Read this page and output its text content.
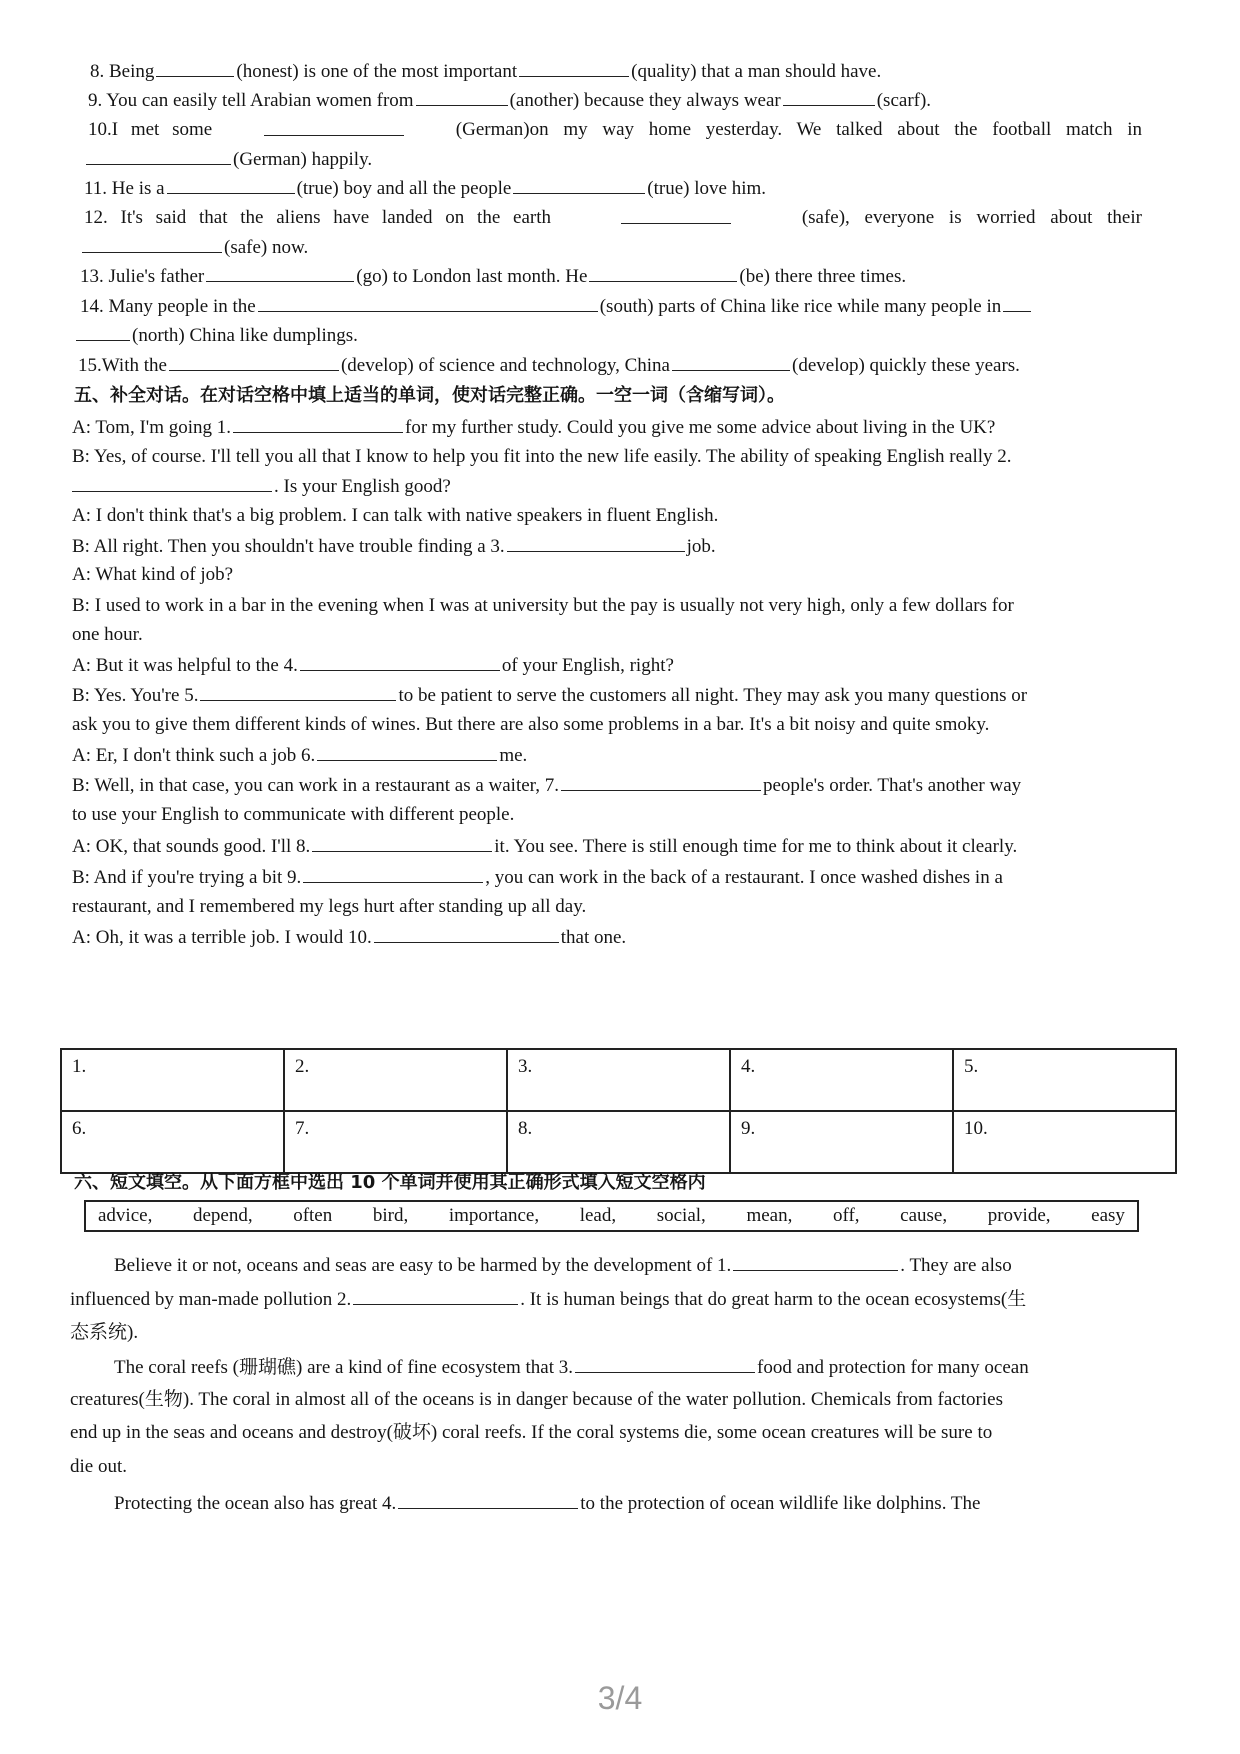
8. Being	(honest) is one of the most important	(quality) that a man should have.
9. You can easily tell Arabian women from	(another) because they always wear	(scarf).
10.I met some	(German)on my way home yesterday. We talked about the football match in
(German) happily.
11. He is a	(true) boy and all the people	(true) love him.
12. It's said that the aliens have landed on the earth	(safe), everyone is worried about their
(safe) now.
13. Julie's father	(go) to London last month. He	(be) there three times.
14. Many people in the	(south) parts of China like rice while many people in
(north) China like dumplings.
15.With the	(develop) of science and technology, China	(develop) quickly these years.
五、补全对话。在对话空格中填上适当的单词，使对话完整正确。一空一词（含缩写词）。
A: Tom, I'm going 1.	for my further study. Could you give me some advice about living in the UK?
B: Yes, of course. I'll tell you all that I know to help you fit into the new life easily. The ability of speaking English really 2.
. Is your English good?
A: I don't think that's a big problem. I can talk with native speakers in fluent English.
B: All right. Then you shouldn't have trouble finding a 3.	job.
A: What kind of job?
B: I used to work in a bar in the evening when I was at university but the pay is usually not very high, only a few dollars for
one hour.
A: But it was helpful to the 4.	of your English, right?
B: Yes. You're 5.	to be patient to serve the customers all night. They may ask you many questions or
ask you to give them different kinds of wines. But there are also some problems in a bar. It's a bit noisy and quite smoky.
A: Er, I don't think such a job 6.	me.
B: Well, in that case, you can work in a restaurant as a waiter, 7.	people's order. That's another way
to use your English to communicate with different people.
A: OK, that sounds good. I'll 8.	it. You see. There is still enough time for me to think about it clearly.
B: And if you're trying a bit 9.	, you can work in the back of a restaurant. I once washed dishes in a
restaurant, and I remembered my legs hurt after standing up all day.
A: Oh, it was a terrible job. I would 10.	that one.
1.	2.	3.	4.	5.
6.	7.	8.	9.	10.
六、短文填空。从下面方框中选出 10 个单词并使用其正确形式填入短文空格内
advice, depend, often bird, importance, lead, social, mean, off, cause, provide, easy
Believe it or not, oceans and seas are easy to be harmed by the development of 1.	. They are also
influenced by man-made pollution 2.	. It is human beings that do great harm to the ocean ecosystems(生
态系统).
The coral reefs (珊瑚礁) are a kind of fine ecosystem that 3.	food and protection for many ocean
creatures(生物). The coral in almost all of the oceans is in danger because of the water pollution. Chemicals from factories
end up in the seas and oceans and destroy(破坏) coral reefs. If the coral systems die, some ocean creatures will be sure to
die out.
Protecting the ocean also has great 4.	to the protection of ocean wildlife like dolphins. The
3/4
